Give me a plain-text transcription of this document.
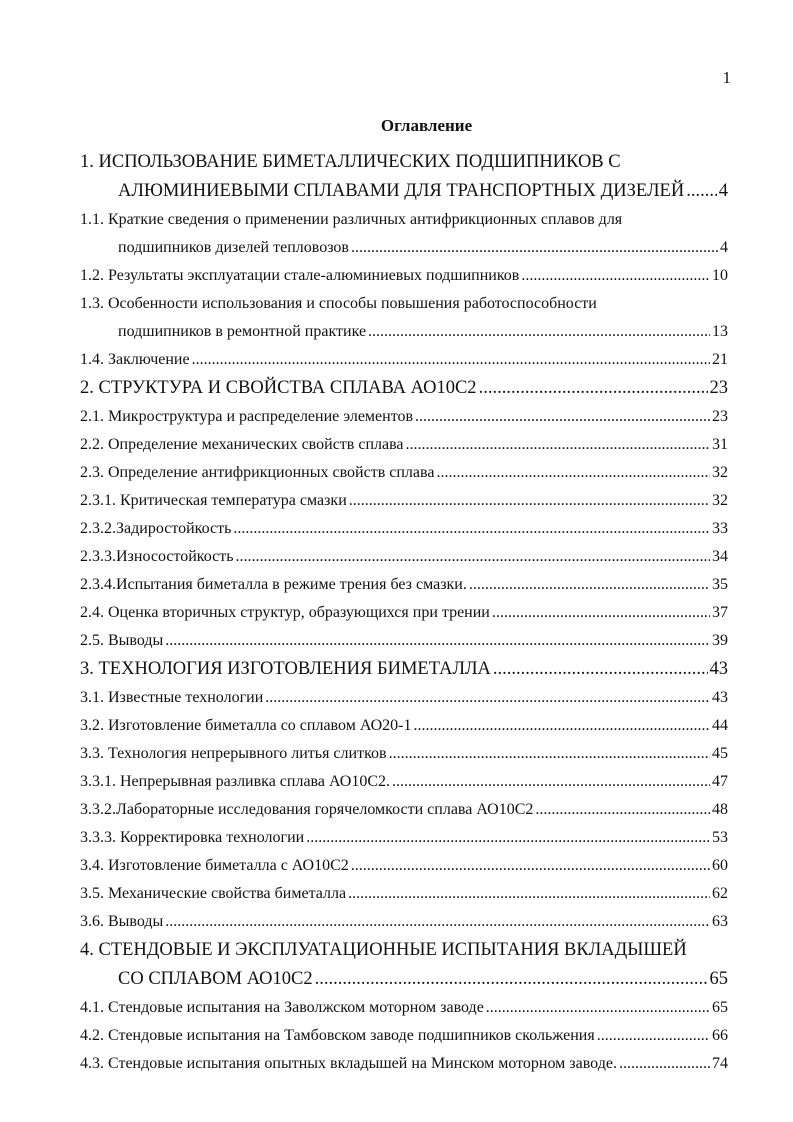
1
Оглавление
1. ИСПОЛЬЗОВАНИЕ БИМЕТАЛЛИЧЕСКИХ ПОДШИПНИКОВ С
АЛЮМИНИЕВЫМИ СПЛАВАМИ ДЛЯ ТРАНСПОРТНЫХ ДИЗЕЛЕЙ ..... 4
1.1. Краткие сведения о применении различных антифрикционных сплавов для
подшипников дизелей тепловозов .....	4
1.2. Результаты эксплуатации стале-алюминиевых подшипников .....	10
1.3. Особенности использования и способы повышения работоспособности
подшипников в ремонтной практике .....	13
1.4. Заключение .....	21
2. СТРУКТУРА И СВОЙСТВА СПЛАВА АО10С2 .....	23
2.1. Микроструктура и распределение элементов .....	23
2.2. Определение механических свойств сплава .....	31
2.3. Определение антифрикционных свойств сплава .....	32
2.3.1. Критическая температура смазки .....	32
2.3.2.Задиростойкость .....	33
2.3.3.Износостойкость .....	34
2.3.4.Испытания биметалла в режиме трения без смазки. .....	35
2.4. Оценка вторичных структур, образующихся при трении .....	37
2.5. Выводы .....	39
3. ТЕХНОЛОГИЯ ИЗГОТОВЛЕНИЯ БИМЕТАЛЛА .....	43
3.1. Известные технологии .....	43
3.2. Изготовление биметалла со сплавом АО20-1 .....	44
3.3. Технология непрерывного литья слитков .....	45
3.3.1. Непрерывная разливка сплава АО10С2. .....	47
3.3.2.Лабораторные исследования горячеломкости сплава АО10С2 .....	48
3.3.3. Корректировка технологии .....	53
3.4. Изготовление биметалла с АО10С2 .....	60
3.5. Механические свойства биметалла .....	62
3.6. Выводы .....	63
4. СТЕНДОВЫЕ И ЭКСПЛУАТАЦИОННЫЕ ИСПЫТАНИЯ ВКЛАДЫШЕЙ
СО СПЛАВОМ АО10С2 .....	65
4.1. Стендовые испытания на Заволжском моторном заводе .....	65
4.2. Стендовые испытания на Тамбовском заводе подшипников скольжения .....	66
4.3. Стендовые испытания опытных вкладышей на Минском моторном заводе. .....	74
